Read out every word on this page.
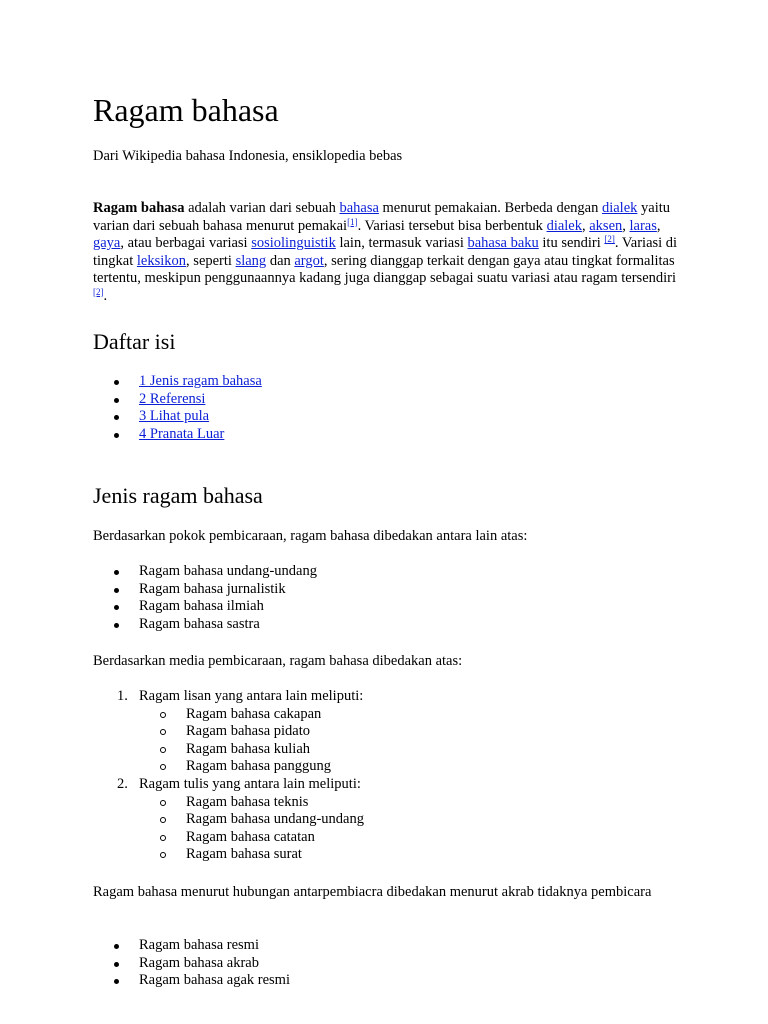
Ragam bahasa

Dari Wikipedia bahasa Indonesia, ensiklopedia bebas

Ragam bahasa adalah varian dari sebuah bahasa menurut pemakaian. Berbeda dengan dialek yaitu varian dari sebuah bahasa menurut pemakai[1]. Variasi tersebut bisa berbentuk dialek, aksen, laras, gaya, atau berbagai variasi sosiolinguistik lain, termasuk variasi bahasa baku itu sendiri [2]. Variasi di tingkat leksikon, seperti slang dan argot, sering dianggap terkait dengan gaya atau tingkat formalitas tertentu, meskipun penggunaannya kadang juga dianggap sebagai suatu variasi atau ragam tersendiri [2].

Daftar isi
1 Jenis ragam bahasa
2 Referensi
3 Lihat pula
4 Pranata Luar
Jenis ragam bahasa

Berdasarkan pokok pembicaraan, ragam bahasa dibedakan antara lain atas:

Ragam bahasa undang-undang
Ragam bahasa jurnalistik
Ragam bahasa ilmiah
Ragam bahasa sastra

Berdasarkan media pembicaraan, ragam bahasa dibedakan atas:

1. Ragam lisan yang antara lain meliputi:
Ragam bahasa cakapan
Ragam bahasa pidato
Ragam bahasa kuliah
Ragam bahasa panggung
2. Ragam tulis yang antara lain meliputi:
Ragam bahasa teknis
Ragam bahasa undang-undang
Ragam bahasa catatan
Ragam bahasa surat

Ragam bahasa menurut hubungan antarpembiacra dibedakan menurut akrab tidaknya pembicara

Ragam bahasa resmi
Ragam bahasa akrab
Ragam bahasa agak resmi
